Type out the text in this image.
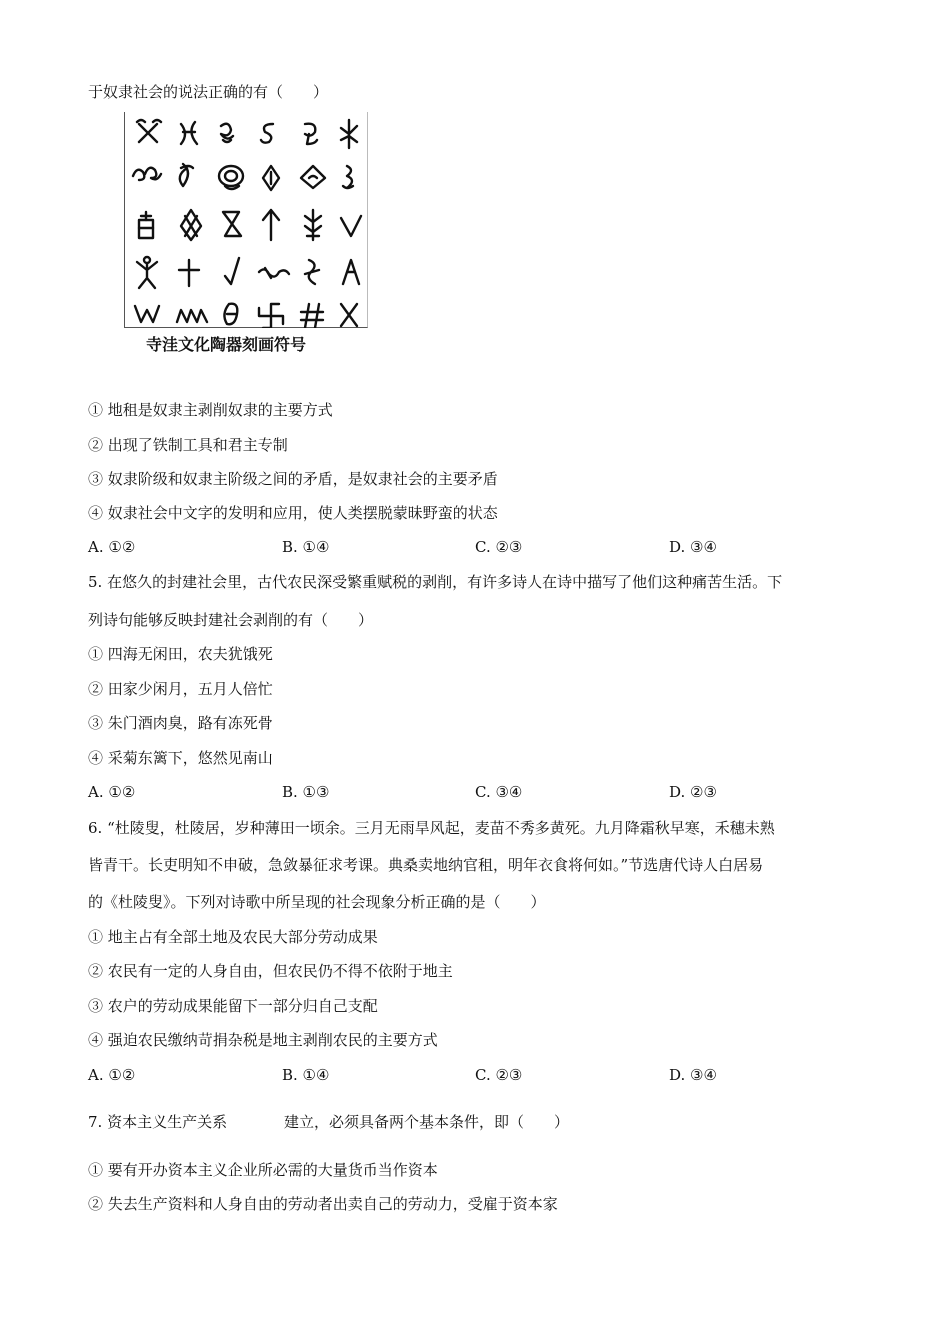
于奴隶社会的说法正确的有（　　）
寺洼文化陶器刻画符号
① 地租是奴隶主剥削奴隶的主要方式
② 出现了铁制工具和君主专制
③ 奴隶阶级和奴隶主阶级之间的矛盾，是奴隶社会的主要矛盾
④ 奴隶社会中文字的发明和应用，使人类摆脱蒙昧野蛮的状态
A. ①②	B. ①④	C. ②③	D. ③④
5. 在悠久的封建社会里，古代农民深受繁重赋税的剥削，有许多诗人在诗中描写了他们这种痛苦生活。下
列诗句能够反映封建社会剥削的有（　　）
① 四海无闲田，农夫犹饿死
② 田家少闲月，五月人倍忙
③ 朱门酒肉臭，路有冻死骨
④ 采菊东篱下，悠然见南山
A. ①②	B. ①③	C. ③④	D. ②③
6. “杜陵叟，杜陵居，岁种薄田一顷余。三月无雨旱风起，麦苗不秀多黄死。九月降霜秋早寒，禾穗未熟
皆青干。长吏明知不申破，急敛暴征求考课。典桑卖地纳官租，明年衣食将何如。”节选唐代诗人白居易
的《杜陵叟》。下列对诗歌中所呈现的社会现象分析正确的是（　　）
① 地主占有全部土地及农民大部分劳动成果
② 农民有一定的人身自由，但农民仍不得不依附于地主
③ 农户的劳动成果能留下一部分归自己支配
④ 强迫农民缴纳苛捐杂税是地主剥削农民的主要方式
A. ①②	B. ①④	C. ②③	D. ③④
7. 资本主义生产关系	建立，必须具备两个基本条件，即（　　）
① 要有开办资本主义企业所必需的大量货币当作资本
② 失去生产资料和人身自由的劳动者出卖自己的劳动力，受雇于资本家
